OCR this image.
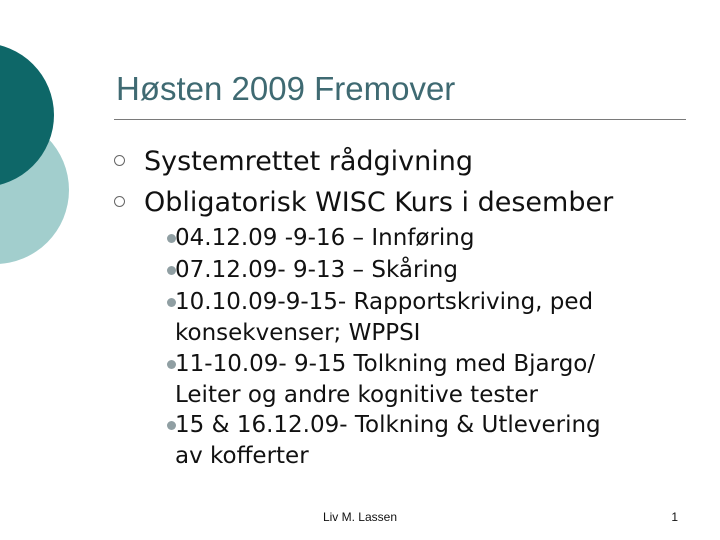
Høsten 2009 Fremover
Systemrettet rådgivning
Obligatorisk WISC Kurs i desember
04.12.09 -9-16 – Innføring
07.12.09- 9-13 – Skåring
10.10.09-9-15- Rapportskriving, ped
konsekvenser; WPPSI
11-10.09- 9-15 Tolkning med Bjargo/
Leiter og andre kognitive tester
15 & 16.12.09- Tolkning & Utlevering
av kofferter
Liv M. Lassen	1
